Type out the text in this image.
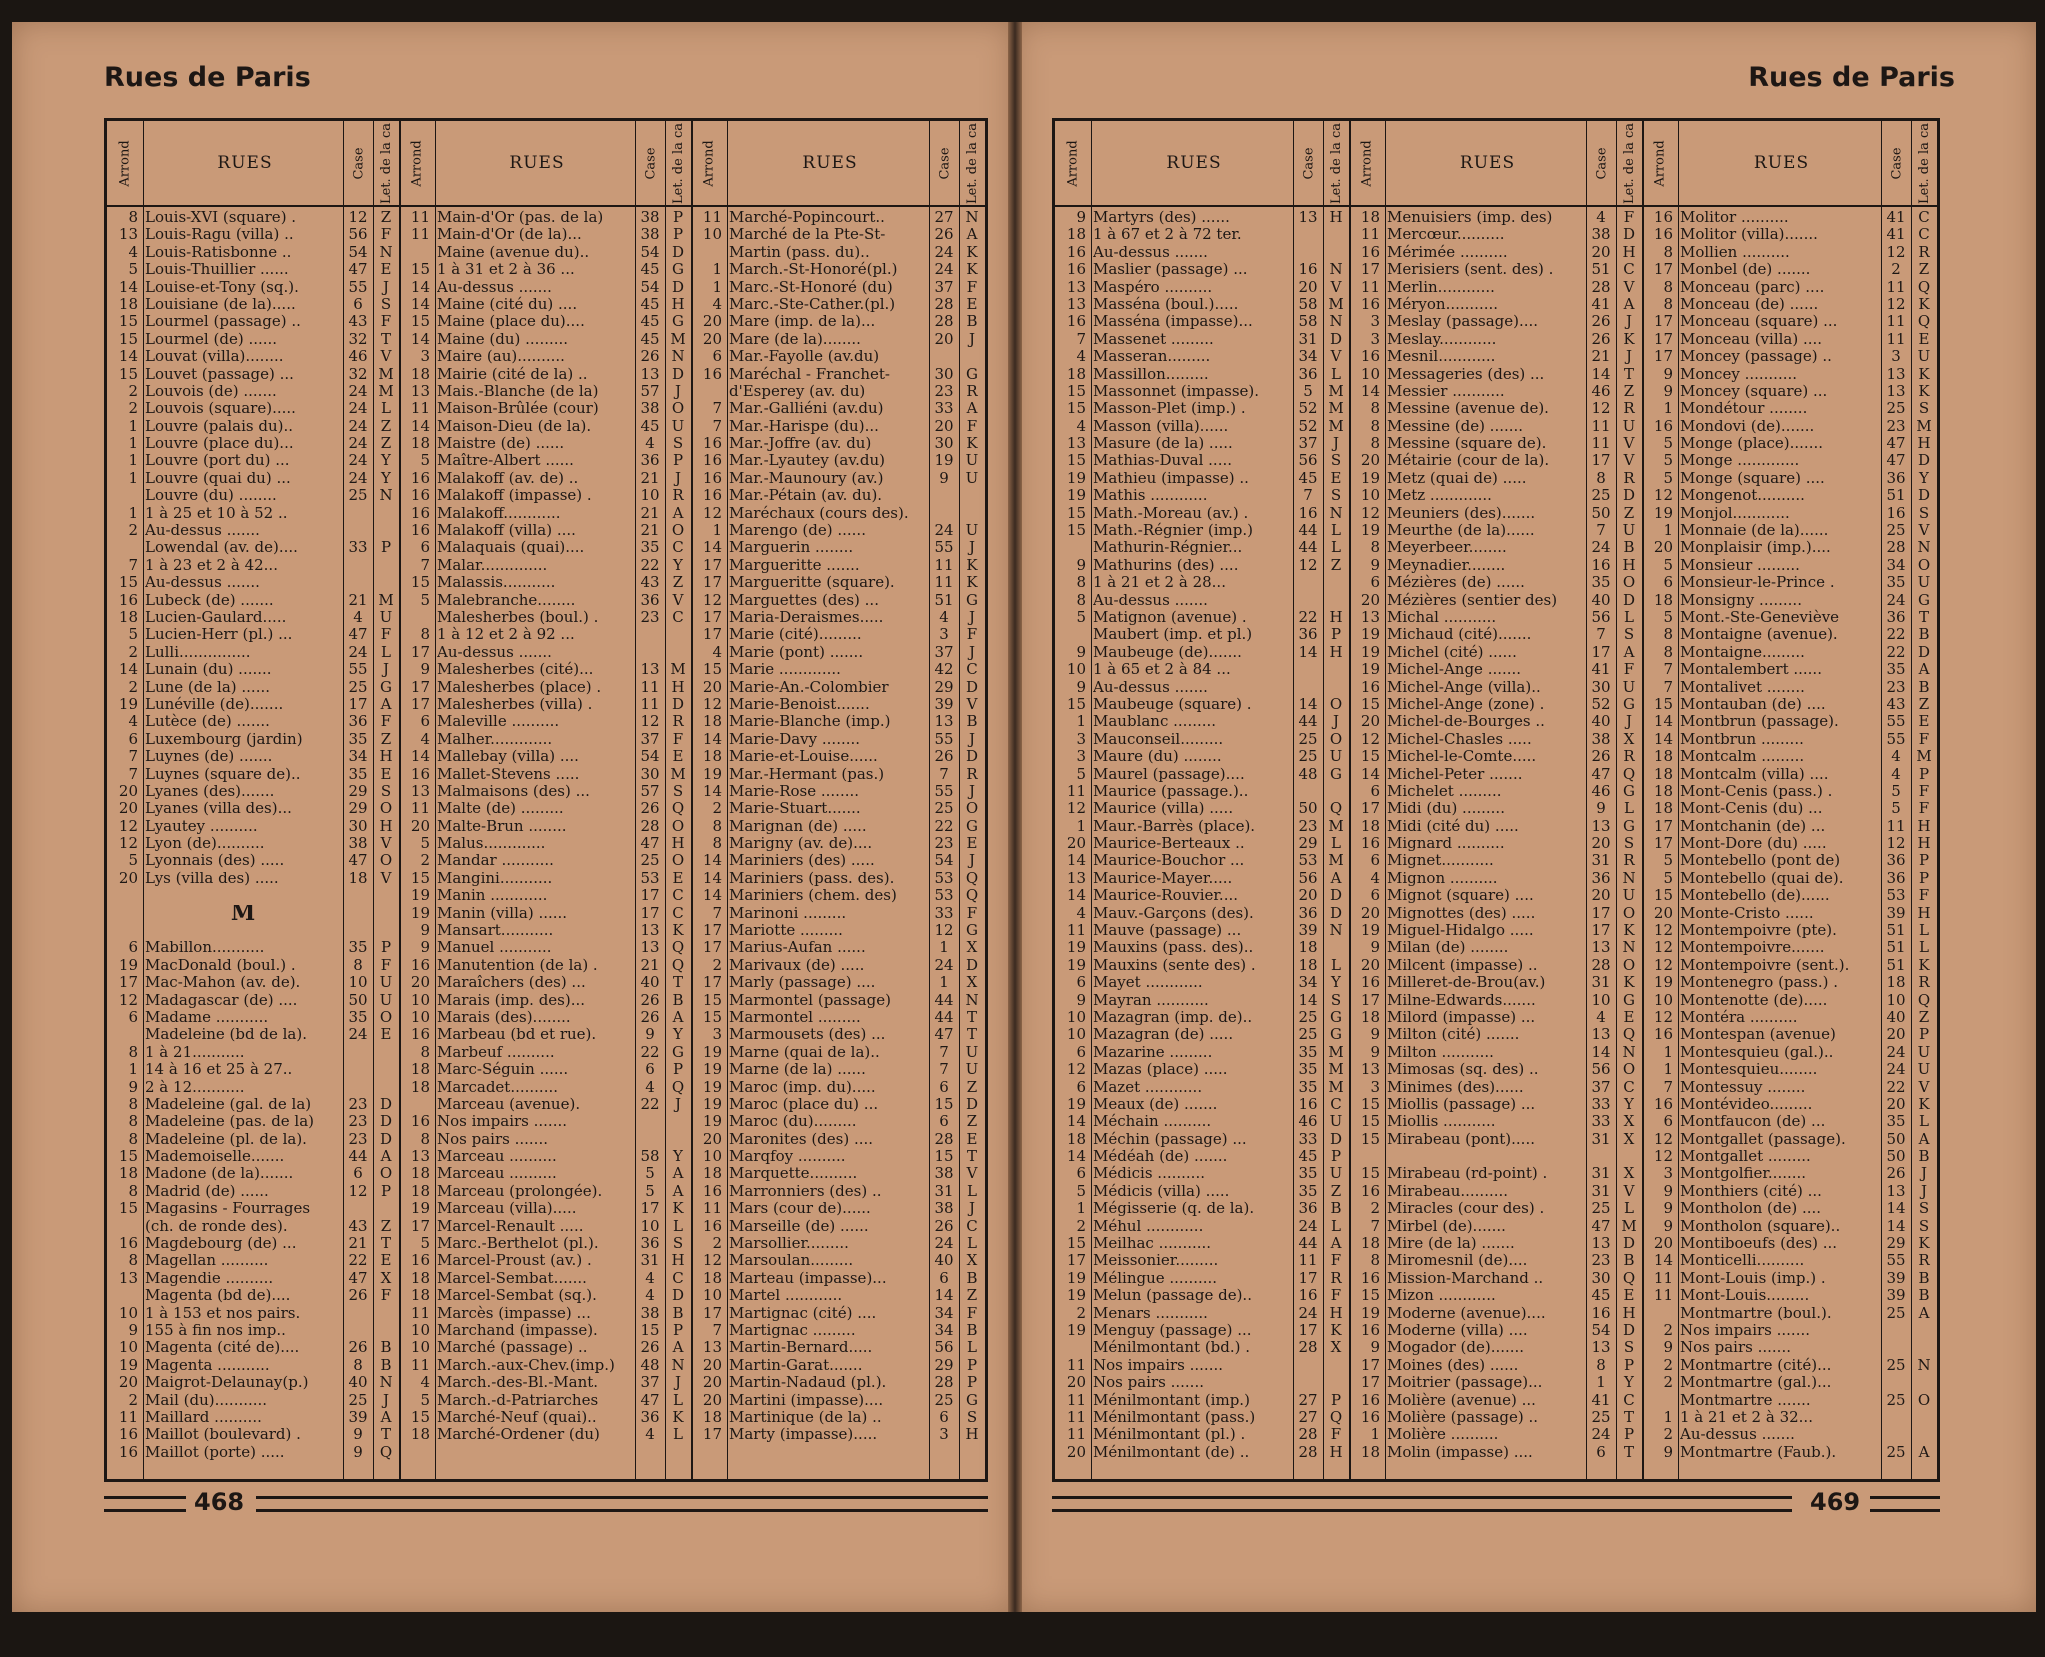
Rues de Paris	Rues de Paris
Arrond	RUES	Case Let. de la ca
8 Louis-XVI (square) .	12 Z
13 Louis-Ragu (villa) ..	56 F
4 Louis-Ratisbonne ..	54 N
5 Louis-Thuillier ......	47 E
14 Louise-et-Tony (sq.).	55	J
18 Louisiane (de la).....	6	S
15 Lourmel (passage) ..	43 F
15 Lourmel (de) ......	32 T
14 Louvat (villa)........	46 V
15 Louvet (passage) ...	32 M
2 Louvois (de) .......	24 M
2 Louvois (square).....	24 L
1 Louvre (palais du)..	24 Z
1 Louvre (place du)...	24 Z
1 Louvre (port du) ...	24 Y
1 Louvre (quai du) ...	24 Y
Louvre (du) ........	25 N
1 1 à 25 et 10 à 52 ..
2 Au-dessus .......
Lowendal (av. de)....	33 P
7 1 à 23 et 2 à 42...
15 Au-dessus .......
16 Lubeck (de) .......	21 M
18 Lucien-Gaulard.....	4	U
5 Lucien-Herr (pl.) ...	47 F
2 Lulli...............	24 L
14 Lunain (du) .......	55	J
2 Lune (de la) ......	25 G
19 Lunéville (de).......	17 A
4 Lutèce (de) .......	36 F
6 Luxembourg (jardin)	35 Z
7 Luynes (de) .......	34 H
7 Luynes (square de)..	35 E
20 Lyanes (des).......	29 S
20 Lyanes (villa des)...	29 O
12 Lyautey ..........	30 H
12 Lyon (de)..........	38 V
5 Lyonnais (des) .....	47 O
20 Lys (villa des) .....	18 V
M
6 Mabillon...........	35 P
19 MacDonald (boul.) .	8	F
17 Mac-Mahon (av. de).	10 U
12 Madagascar (de) ....	50 U
6 Madame ...........	35 O
Madeleine (bd de la).	24 E
8 1 à 21...........
1 14 à 16 et 25 à 27..
9 2 à 12...........
8 Madeleine (gal. de la)	23 D
8 Madeleine (pas. de la)	23 D
8 Madeleine (pl. de la).	23 D
15 Mademoiselle.......	44 A
18 Madone (de la).......	6	O
8 Madrid (de) ......	12 P
15 Magasins - Fourrages
(ch. de ronde des).	43 Z
16 Magdebourg (de) ...	21 T
8 Magellan ..........	22 E
13 Magendie ..........	47 X
Magenta (bd de)....	26 F
10 1 à 153 et nos pairs.
9 155 à fin nos imp..
10 Magenta (cité de)....	26 B
19 Magenta ...........	8	B
20 Maigrot-Delaunay(p.)	40 N
2 Mail (du)...........	25	J
11 Maillard ..........	39 A
16 Maillot (boulevard) .	9	T
16 Maillot (porte) .....	9	Q
Arrond	RUES	Case Let. de la ca
11 Main-d'Or (pas. de la)	38 P
11 Main-d'Or (de la)...	38 P
Maine (avenue du)..	54 D
15 1 à 31 et 2 à 36 ...	45 G
14 Au-dessus .......	54 D
14 Maine (cité du) ....	45 H
15 Maine (place du)....	45 G
14 Maine (du) .........	45 M
3 Maire (au)..........	26 N
18 Mairie (cité de la) ..	13 D
13 Mais.-Blanche (de la)	57	J
11 Maison-Brûlée (cour)	38 O
14 Maison-Dieu (de la).	45 U
18 Maistre (de) ......	4	S
5 Maître-Albert ......	36 P
16 Malakoff (av. de) ..	21	J
16 Malakoff (impasse) .	10 R
16 Malakoff............	21 A
16 Malakoff (villa) ....	21 O
6 Malaquais (quai)....	35 C
7 Malar..............	22 Y
15 Malassis...........	43 Z
5 Malebranche........	36 V
Malesherbes (boul.) .	23 C
8 1 à 12 et 2 à 92 ...
17 Au-dessus .......
9 Malesherbes (cité)...	13 M
17 Malesherbes (place) .	11 H
17 Malesherbes (villa) .	11 D
6 Maleville ..........	12 R
4 Malher.............	37 F
14 Mallebay (villa) ....	54 E
16 Mallet-Stevens .....	30 M
13 Malmaisons (des) ...	57 S
11 Malte (de) .........	26 Q
20 Malte-Brun ........	28 O
5 Malus.............	47 H
2 Mandar ...........	25 O
15 Mangini...........	53 E
19 Manin ............	17 C
19 Manin (villa) ......	17 C
9 Mansart...........	13 K
9 Manuel ...........	13 Q
16 Manutention (de la) .	21 Q
20 Maraîchers (des) ...	40 T
10 Marais (imp. des)...	26 B
10 Marais (des)........	26 A
16 Marbeau (bd et rue).	9	Y
8 Marbeuf ..........	22 G
18 Marc-Séguin ......	6	P
18 Marcadet..........	4	Q
Marceau (avenue).	22	J
16 Nos impairs .......
8 Nos pairs .......
13 Marceau ..........	58 Y
18 Marceau ..........	5	A
18 Marceau (prolongée).	5	A
19 Marceau (villa).....	17 K
17 Marcel-Renault .....	10 L
5 Marc.-Berthelot (pl.).	36 S
16 Marcel-Proust (av.) .	31 H
18 Marcel-Sembat.......	4	C
18 Marcel-Sembat (sq.).	4	D
11 Marcès (impasse) ...	38 B
10 Marchand (impasse).	15 P
10 Marché (passage) ..	26 A
11 March.-aux-Chev.(imp.)	48 N
4 March.-des-Bl.-Mant.	37	J
5 March.-d-Patriarches	47 L
15 Marché-Neuf (quai)..	36 K
18 Marché-Ordener (du)	4	L
Arrond	RUES	Case Let. de la ca
11 Marché-Popincourt..	27 N
10 Marché de la Pte-St-	26 A
Martin (pass. du)..	24 K
1 March.-St-Honoré(pl.)	24 K
1 Marc.-St-Honoré (du)	37 F
4 Marc.-Ste-Cather.(pl.)	28 E
20 Mare (imp. de la)...	28 B
20 Mare (de la)........	20	J
6 Mar.-Fayolle (av.du)
16 Maréchal - Franchet-	30 G
d'Esperey (av. du)	23 R
7 Mar.-Galliéni (av.du)	33 A
7 Mar.-Harispe (du)...	20 F
16 Mar.-Joffre (av. du)	30 K
16 Mar.-Lyautey (av.du)	19 U
16 Mar.-Maunoury (av.)	9	U
16 Mar.-Pétain (av. du).
12 Maréchaux (cours des).
1 Marengo (de) ......	24 U
14 Marguerin ........	55	J
17 Margueritte .......	11 K
17 Margueritte (square).	11 K
12 Marguettes (des) ...	51 G
17 Maria-Deraismes.....	4	J
17 Marie (cité).........	3	F
4 Marie (pont) .......	37	J
15 Marie .............	42 C
20 Marie-An.-Colombier	29 D
12 Marie-Benoist.......	39 V
18 Marie-Blanche (imp.)	13 B
14 Marie-Davy ........	55	J
18 Marie-et-Louise......	26 D
19 Mar.-Hermant (pas.)	7	R
14 Marie-Rose ........	55	J
2 Marie-Stuart.......	25 O
8 Marignan (de) .....	22 G
8 Marigny (av. de)....	23 E
14 Mariniers (des) .....	54	J
14 Mariniers (pass. des).	53 Q
14 Mariniers (chem. des)	53 Q
7 Marinoni .........	33 F
17 Mariotte .........	12 G
17 Marius-Aufan ......	1	X
2 Marivaux (de) .....	24 D
17 Marly (passage) ....	1	X
15 Marmontel (passage)	44 N
15 Marmontel .........	44 T
3 Marmousets (des) ...	47 T
19 Marne (quai de la)..	7	U
19 Marne (de la) ......	7	U
19 Maroc (imp. du).....	6	Z
19 Maroc (place du) ...	15 D
19 Maroc (du).........	6	Z
20 Maronites (des) ....	28 E
10 Marqfoy ..........	15 T
18 Marquette..........	38 V
16 Marronniers (des) ..	31 L
11 Mars (cour de)......	38	J
16 Marseille (de) ......	26 C
2 Marsollier.........	24 L
12 Marsoulan.........	40 X
18 Marteau (impasse)...	6	B
10 Martel ............	14 Z
17 Martignac (cité) ....	34 F
7 Martignac .........	34 B
13 Martin-Bernard.....	56 L
20 Martin-Garat.......	29 P
20 Martin-Nadaud (pl.).	28 P
20 Martini (impasse)....	25 G
18 Martinique (de la) ..	6	S
17 Marty (impasse).....	3	H
Arrond	RUES	Case Let. de la ca
9 Martyrs (des) ......	13 H
18 1 à 67 et 2 à 72 ter.
16 Au-dessus .......
16 Maslier (passage) ...	16 N
13 Maspéro ..........	20 V
13 Masséna (boul.).....	58 M
16 Masséna (impasse)...	58 N
7 Massenet .........	31 D
4 Masseran.........	34 V
18 Massillon.........	36 L
15 Massonnet (impasse).	5	M
15 Masson-Plet (imp.) .	52 M
4 Masson (villa)......	52 M
13 Masure (de la) .....	37	J
15 Mathias-Duval .....	56 S
19 Mathieu (impasse) ..	45 E
19 Mathis ............	7	S
15 Math.-Moreau (av.) .	16 N
15 Math.-Régnier (imp.)	44 L
Mathurin-Régnier...	44 L
9 Mathurins (des) ....	12 Z
8 1 à 21 et 2 à 28...
8 Au-dessus .......
5 Matignon (avenue) .	22 H
Maubert (imp. et pl.)	36 P
9 Maubeuge (de).......	14 H
10 1 à 65 et 2 à 84 ...
9 Au-dessus .......
15 Maubeuge (square) .	14 O
1 Maublanc .........	44	J
3 Mauconseil.........	25 O
3 Maure (du) ........	25 U
5 Maurel (passage)....	48 G
11 Maurice (passage.)..
12 Maurice (villa) .....	50 Q
1 Maur.-Barrès (place).	23 M
20 Maurice-Berteaux ..	29 L
14 Maurice-Bouchor ...	53 M
13 Maurice-Mayer.....	56 A
14 Maurice-Rouvier....	20 D
4 Mauv.-Garçons (des).	36 D
11 Mauve (passage) ...	39 N
19 Mauxins (pass. des)..	18
19 Mauxins (sente des) .	18 L
6 Mayet ............	34 Y
9 Mayran ...........	14 S
10 Mazagran (imp. de)..	25 G
10 Mazagran (de) .....	25 G
6 Mazarine .........	35 M
12 Mazas (place) .....	35 M
6 Mazet ............	35 M
19 Meaux (de) .......	16 C
14 Méchain ..........	46 U
18 Méchin (passage) ...	33 D
14 Médéah (de) .......	45 P
6 Médicis ..........	35 U
5 Médicis (villa) .....	35 Z
1 Mégisserie (q. de la).	36 B
2 Méhul ............	24 L
15 Meilhac ...........	44 A
17 Meissonier.........	11 F
19 Mélingue ..........	17 R
19 Melun (passage de)..	16 F
2 Menars ...........	24 H
19 Menguy (passage) ...	17 K
Ménilmontant (bd.) .	28 X
11 Nos impairs .......
20 Nos pairs .......
11 Ménilmontant (imp.)	27 P
11 Ménilmontant (pass.)	27 Q
11 Ménilmontant (pl.) .	28 F
20 Ménilmontant (de) ..	28 H
Arrond	RUES	Case Let. de la ca
18 Menuisiers (imp. des)	4	F
11 Mercœur..........	38 D
16 Mérimée ..........	20 H
17 Merisiers (sent. des) .	51 C
11 Merlin............	28 V
16 Méryon...........	41 A
3 Meslay (passage)....	26	J
3 Meslay............	26 K
16 Mesnil............	21	J
10 Messageries (des) ...	14 T
14 Messier ...........	46 Z
8 Messine (avenue de).	12 R
8 Messine (de) .......	11 U
8 Messine (square de).	11 V
20 Métairie (cour de la).	17 V
19 Metz (quai de) .....	8	R
10 Metz .............	25 D
12 Meuniers (des).......	50 Z
19 Meurthe (de la)......	7	U
8 Meyerbeer........	24 B
9 Meynadier........	16 H
6 Mézières (de) ......	35 O
20 Mézières (sentier des)	40 D
13 Michal ...........	56 L
19 Michaud (cité).......	7	S
19 Michel (cité) ......	17 A
19 Michel-Ange .......	41 F
16 Michel-Ange (villa)..	30 U
15 Michel-Ange (zone) .	52 G
20 Michel-de-Bourges ..	40	J
12 Michel-Chasles .....	38 X
15 Michel-le-Comte.....	26 R
14 Michel-Peter .......	47 Q
6 Michelet .........	46 G
17 Midi (du) .........	9	L
18 Midi (cité du) .....	13 G
16 Mignard ..........	20 S
6 Mignet...........	31 R
4 Mignon ..........	36 N
6 Mignot (square) ....	20 U
20 Mignottes (des) .....	17 O
19 Miguel-Hidalgo .....	17 K
9 Milan (de) ........	13 N
20 Milcent (impasse) ..	28 O
16 Milleret-de-Brou(av.)	31 K
17 Milne-Edwards.......	10 G
18 Milord (impasse) ...	4	E
9 Milton (cité) .......	13 Q
9 Milton ...........	14 N
13 Mimosas (sq. des) ..	56 O
3 Minimes (des)......	37 C
15 Miollis (passage) ...	33 Y
15 Miollis ...........	33 X
15 Mirabeau (pont).....	31 X
15 Mirabeau (rd-point) .	31 X
16 Mirabeau..........	31 V
2 Miracles (cour des) .	25 L
7 Mirbel (de).......	47 M
18 Mire (de la) .......	13 D
8 Miromesnil (de)....	23 B
16 Mission-Marchand ..	30 Q
15 Mizon ............	45 E
19 Moderne (avenue)....	16 H
16 Moderne (villa) ....	54 D
9 Mogador (de).......	13 S
17 Moines (des) ......	8	P
17 Moitrier (passage)...	1	Y
16 Molière (avenue) ...	41 C
16 Molière (passage) ..	25 T
1 Molière ..........	24 P
18 Molin (impasse) ....	6	T
Arrond	RUES	Case Let. de la ca
16 Molitor ..........	41 C
16 Molitor (villa).......	41 C
8 Mollien ..........	12 R
17 Monbel (de) .......	2	Z
8 Monceau (parc) ....	11 Q
8 Monceau (de) ......	12 K
17 Monceau (square) ...	11 Q
17 Monceau (villa) ....	11 E
17 Moncey (passage) ..	3	U
9 Moncey ...........	13 K
9 Moncey (square) ...	13 K
1 Mondétour ........	25 S
16 Mondovi (de).......	23 M
5 Monge (place).......	47 H
5 Monge .............	47 D
5 Monge (square) ....	36 Y
12 Mongenot..........	51 D
19 Monjol............	16 S
1 Monnaie (de la)......	25 V
20 Monplaisir (imp.)....	28 N
5 Monsieur .........	34 O
6 Monsieur-le-Prince .	35 U
18 Monsigny .........	24 G
5 Mont.-Ste-Geneviève	36 T
8 Montaigne (avenue).	22 B
8 Montaigne.........	22 D
7 Montalembert ......	35 A
7 Montalivet ........	23 B
15 Montauban (de) ....	43 Z
14 Montbrun (passage).	55 E
14 Montbrun .........	55 F
18 Montcalm .........	4	M
18 Montcalm (villa) ....	4	P
18 Mont-Cenis (pass.) .	5	F
18 Mont-Cenis (du) ...	5	F
17 Montchanin (de) ...	11 H
17 Mont-Dore (du) .....	12 H
5 Montebello (pont de)	36 P
5 Montebello (quai de).	36 P
15 Montebello (de)......	53 F
20 Monte-Cristo ......	39 H
12 Montempoivre (pte).	51 L
12 Montempoivre.......	51 L
12 Montempoivre (sent.).	51 K
19 Montenegro (pass.) .	18 R
10 Montenotte (de).....	10 Q
12 Montéra ..........	40 Z
16 Montespan (avenue)	20 P
1 Montesquieu (gal.)..	24 U
1 Montesquieu........	24 U
7 Montessuy ........	22 V
16 Montévideo.........	20 K
6 Montfaucon (de) ...	35 L
12 Montgallet (passage).	50 A
12 Montgallet .........	50 B
3 Montgolfier........	26	J
9 Monthiers (cité) ...	13	J
9 Montholon (de) ....	14 S
9 Montholon (square)..	14 S
20 Montiboeufs (des) ...	29 K
14 Monticelli..........	55 R
11 Mont-Louis (imp.) .	39 B
11 Mont-Louis.........	39 B
Montmartre (boul.).	25 A
2 Nos impairs .......
9 Nos pairs .......
2 Montmartre (cité)...	25 N
2 Montmartre (gal.)...
Montmartre .......	25 O
1 1 à 21 et 2 à 32...
2 Au-dessus .......
9 Montmartre (Faub.).	25 A
468	469
